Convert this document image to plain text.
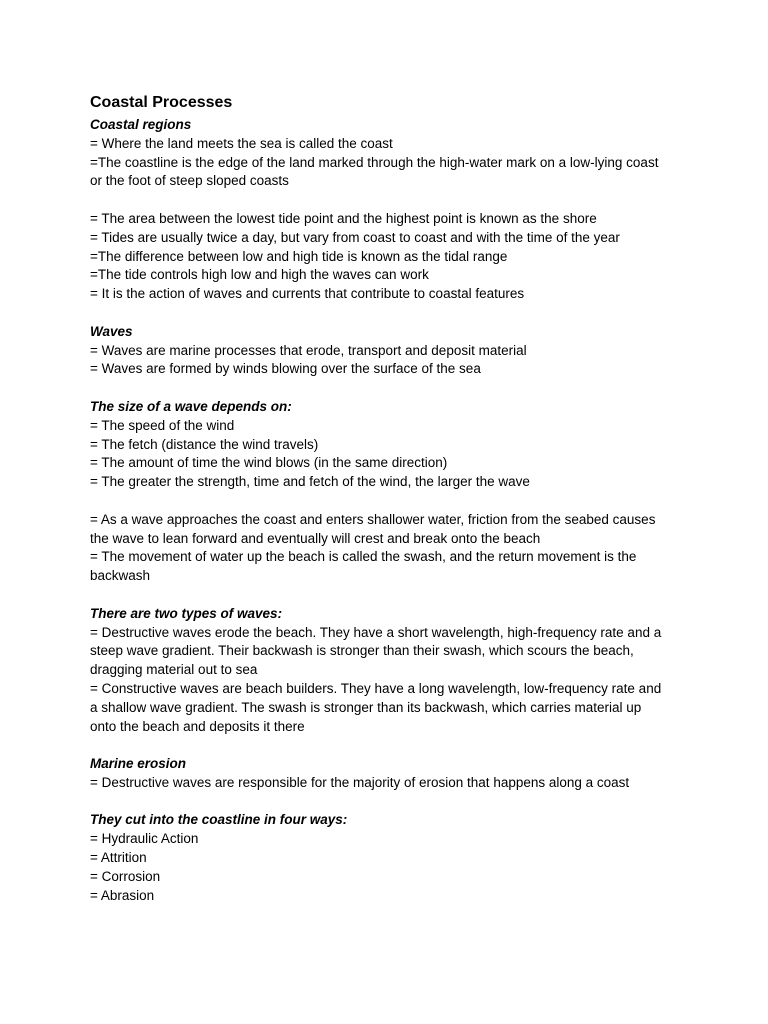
Coastal Processes
Coastal regions
= Where the land meets the sea is called the coast
=The coastline is the edge of the land marked through the high-water mark on a low-lying coast
or the foot of steep sloped coasts
= The area between the lowest tide point and the highest point is known as the shore
= Tides are usually twice a day, but vary from coast to coast and with the time of the year
=The difference between low and high tide is known as the tidal range
=The tide controls high low and high the waves can work
= It is the action of waves and currents that contribute to coastal features
Waves
= Waves are marine processes that erode, transport and deposit material
= Waves are formed by winds blowing over the surface of the sea
The size of a wave depends on:
= The speed of the wind
= The fetch (distance the wind travels)
= The amount of time the wind blows (in the same direction)
= The greater the strength, time and fetch of the wind, the larger the wave
= As a wave approaches the coast and enters shallower water, friction from the seabed causes
the wave to lean forward and eventually will crest and break onto the beach
= The movement of water up the beach is called the swash, and the return movement is the
backwash
There are two types of waves:
= Destructive waves erode the beach. They have a short wavelength, high-frequency rate and a
steep wave gradient. Their backwash is stronger than their swash, which scours the beach,
dragging material out to sea
= Constructive waves are beach builders. They have a long wavelength, low-frequency rate and
a shallow wave gradient. The swash is stronger than its backwash, which carries material up
onto the beach and deposits it there
Marine erosion
= Destructive waves are responsible for the majority of erosion that happens along a coast
They cut into the coastline in four ways:
= Hydraulic Action
= Attrition
= Corrosion
= Abrasion
